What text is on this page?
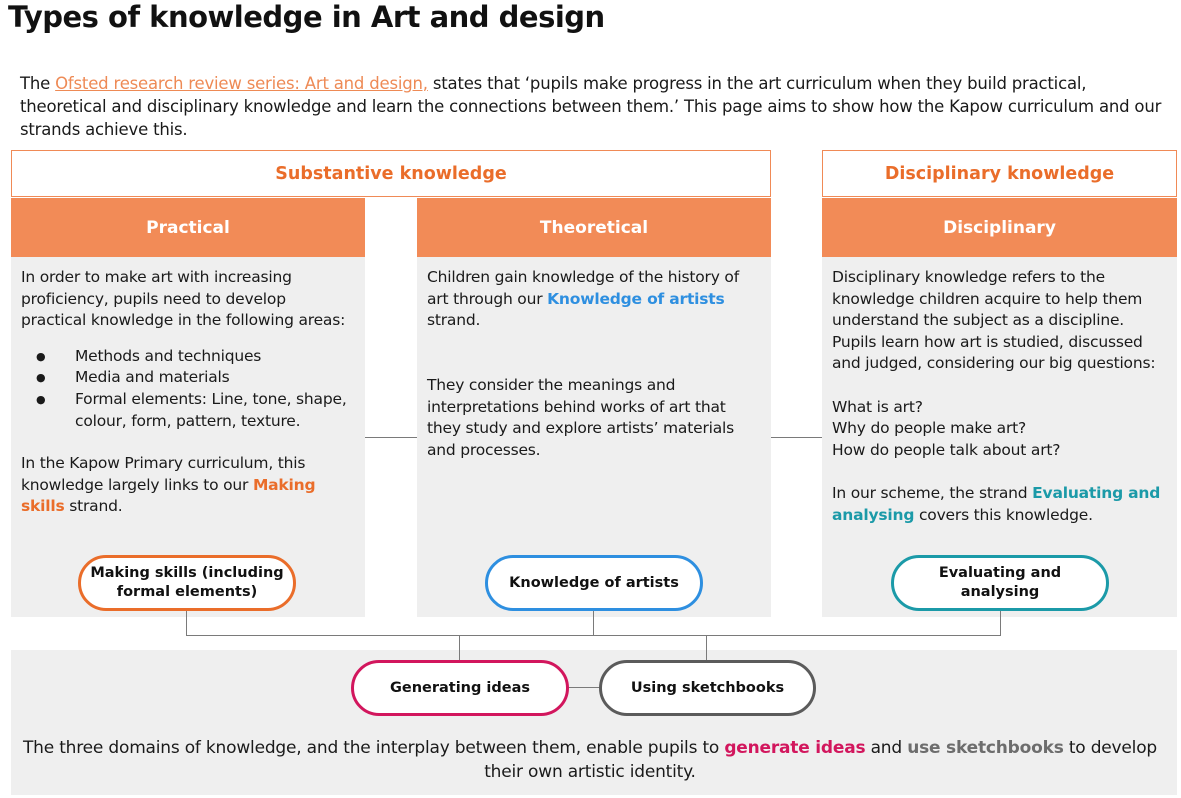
Types of knowledge in Art and design

The Ofsted research review series: Art and design, states that ‘pupils make progress in the art curriculum when they build practical, theoretical and disciplinary knowledge and learn the connections between them.’ This page aims to show how the Kapow curriculum and our strands achieve this.

Substantive knowledge	Disciplinary knowledge
Practical	Theoretical	Disciplinary

In order to make art with increasing proficiency, pupils need to develop practical knowledge in the following areas:

● Methods and techniques
● Media and materials
● Formal elements: Line, tone, shape, colour, form, pattern, texture.

In the Kapow Primary curriculum, this knowledge largely links to our Making skills strand.

Children gain knowledge of the history of art through our Knowledge of artists strand.

They consider the meanings and interpretations behind works of art that they study and explore artists’ materials and processes.

Disciplinary knowledge refers to the knowledge children acquire to help them understand the subject as a discipline. Pupils learn how art is studied, discussed and judged, considering our big questions:

What is art?

Why do people make art?

How do people talk about art?

In our scheme, the strand Evaluating and analysing covers this knowledge.

Making skills (including formal elements)
Knowledge of artists
Evaluating and analysing
Generating ideas	Using sketchbooks

The three domains of knowledge, and the interplay between them, enable pupils to generate ideas and use sketchbooks to develop their own artistic identity.
